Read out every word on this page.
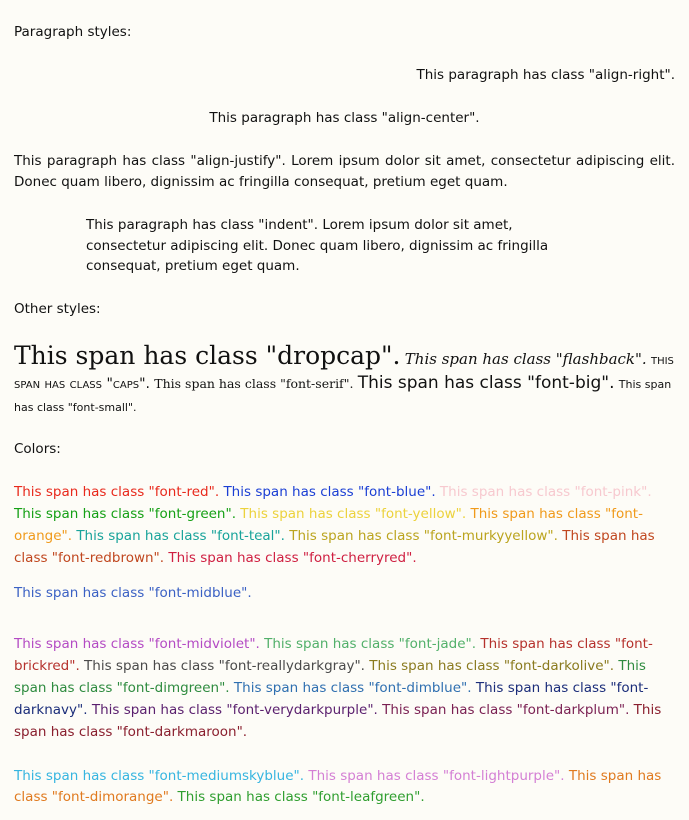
Paragraph styles:

This paragraph has class "align-right".

This paragraph has class "align-center".

This paragraph has class "align-justify". Lorem ipsum dolor sit amet, consectetur adipiscing elit. Donec quam libero, dignissim ac fringilla consequat, pretium eget quam.

This paragraph has class "indent". Lorem ipsum dolor sit amet, consectetur adipiscing elit. Donec quam libero, dignissim ac fringilla consequat, pretium eget quam.

Other styles:

This span has class "dropcap". This span has class "flashback". this span has class "caps". This span has class "font-serif". This span has class "font-big". This span has class "font-small".

Colors:

This span has class "font-red". This span has class "font-blue". This span has class "font-pink". This span has class "font-green". This span has class "font-yellow". This span has class "font-orange". This span has class "font-teal". This span has class "font-murkyyellow". This span has class "font-redbrown". This span has class "font-cherryred".

This span has class "font-midblue".

This span has class "font-midviolet". This span has class "font-jade". This span has class "font-brickred". This span has class "font-reallydarkgray". This span has class "font-darkolive". This span has class "font-dimgreen". This span has class "font-dimblue". This span has class "font-darknavy". This span has class "font-verydarkpurple". This span has class "font-darkplum". This span has class "font-darkmaroon".

This span has class "font-mediumskyblue". This span has class "font-lightpurple". This span has class "font-dimorange". This span has class "font-leafgreen".
